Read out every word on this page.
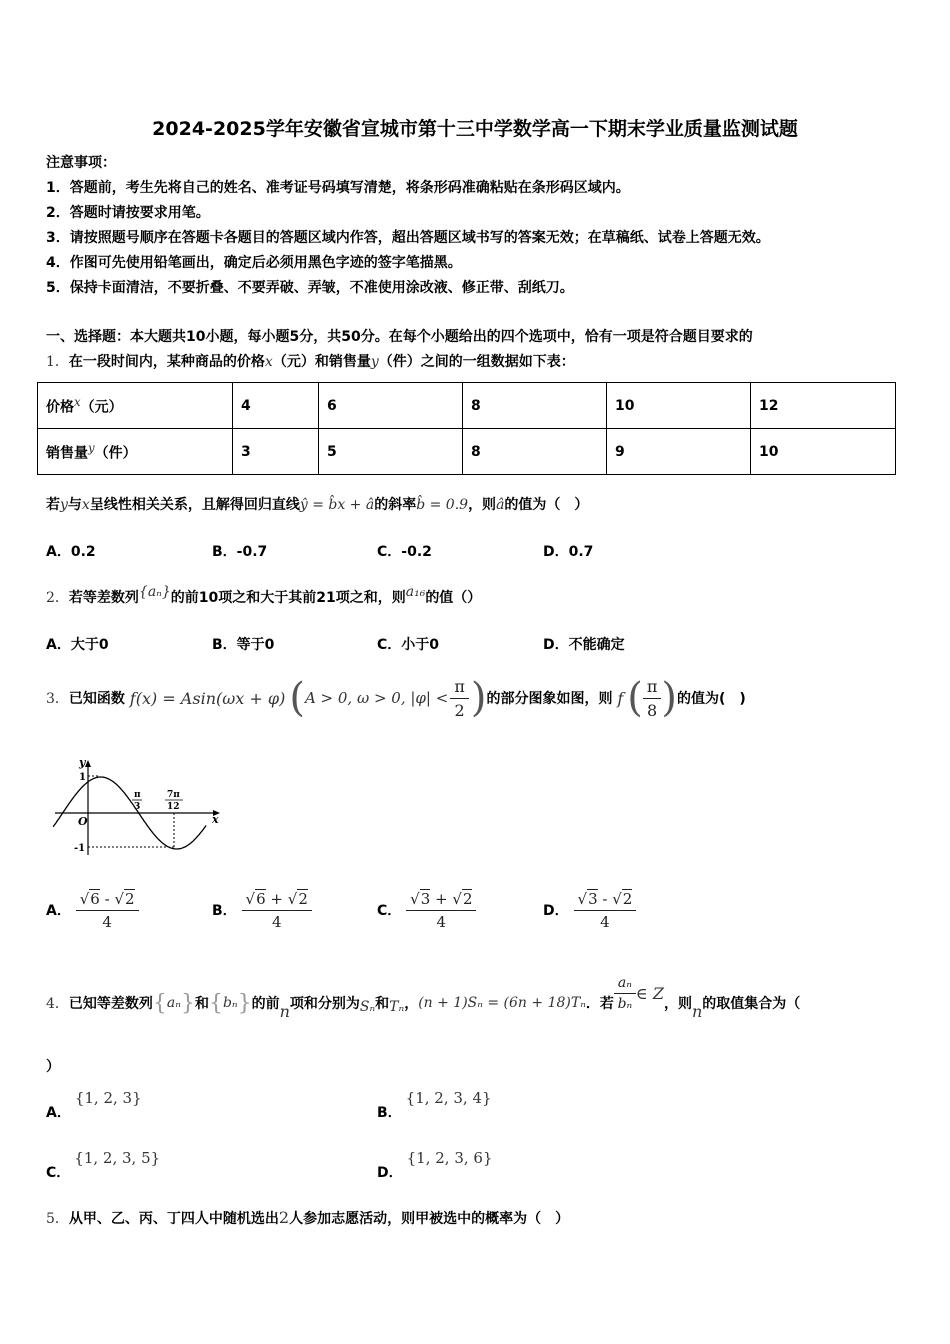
2024-2025学年安徽省宣城市第十三中学数学高一下期末学业质量监测试题
注意事项：
1．答题前，考生先将自己的姓名、准考证号码填写清楚，将条形码准确粘贴在条形码区域内。
2．答题时请按要求用笔。
3．请按照题号顺序在答题卡各题目的答题区域内作答，超出答题区域书写的答案无效；在草稿纸、试卷上答题无效。
4．作图可先使用铅笔画出，确定后必须用黑色字迹的签字笔描黑。
5．保持卡面清洁，不要折叠、不要弄破、弄皱，不准使用涂改液、修正带、刮纸刀。
一、选择题：本大题共10小题，每小题5分，共50分。在每个小题给出的四个选项中，恰有一项是符合题目要求的
1．在一段时间内，某种商品的价格x（元）和销售量y（件）之间的一组数据如下表：
价格$^x$（元）	4	6	8	10	12
销售量$^y$（件）	3	5	8	9	10
若y与x呈线性相关关系，且解得回归直线ŷ = b̂x + â的斜率b̂ = 0.9，则â的值为（　）
A．0.2	B．-0.7	C．-0.2	D．0.7
2．若等差数列{aₙ}的前10项之和大于其前21项之和，则a₁₆的值（）
A．大于0	B．等于0	C．小于0	D．不能确定
3． 已知函数
f(x) = Asin(ωx + φ) ( A > 0, ω > 0, $|\varphi| < \frac{\pi}{2}$ ) 的部分图象如图，则
f ( $\frac{\pi}{8}$ ) 的值为(　)
y
x
O
1
-1
π
3
7π
12
A．
$\frac{√6 - √2}{4}$	B．
$\frac{√6 + √2}{4}$	C．
$\frac{√3 + √2}{4}$	D．
$\frac{√3 - √2}{4}$
4． 已知等差数列 { aₙ } 和 { bₙ } 的前 n 项和分别为 Sₙ 和 Tₙ ， (n + 1)Sₙ = (6n + 18)Tₙ ．若 $\frac{\text{aₙ}}{\text{bₙ}}$ ∈ Z
，则 n 的取值集合为（
）
A．{1, 2, 3}
B．{1, 2, 3, 4}
C．{1, 2, 3, 5}
D．{1, 2, 3, 6}
5．从甲、乙、丙、丁四人中随机选出2人参加志愿活动，则甲被选中的概率为（　）
